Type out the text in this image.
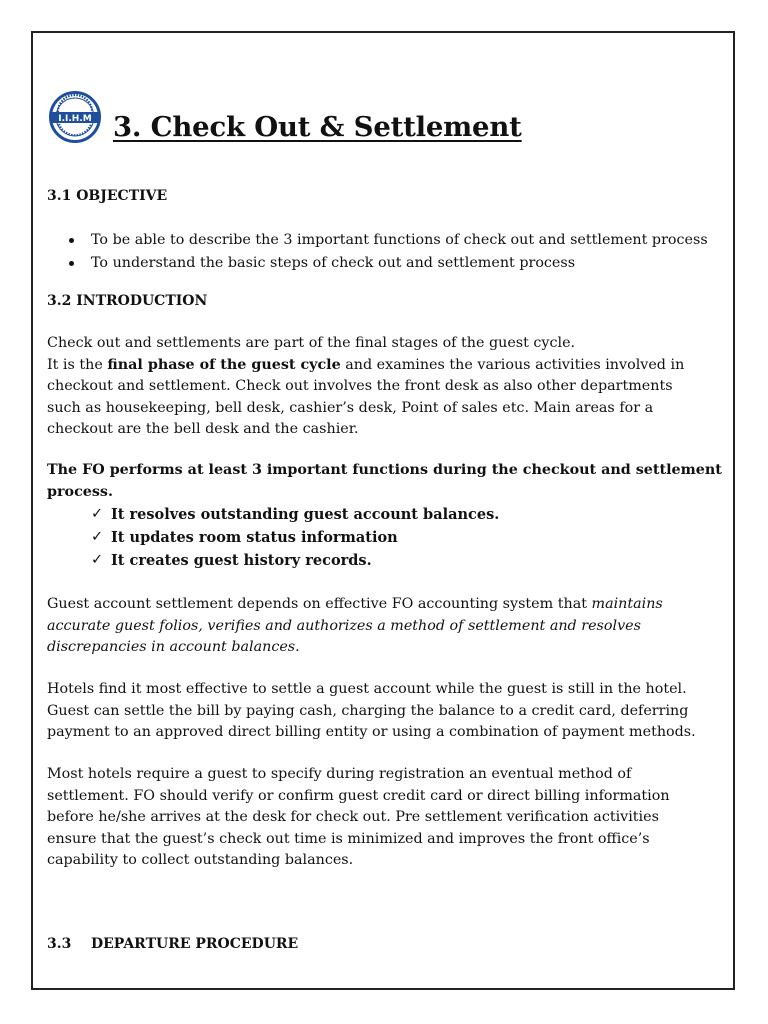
I.I.H.M 3. Check Out & Settlement

3.1 OBJECTIVE

To be able to describe the 3 important functions of check out and settlement process
To understand the basic steps of check out and settlement process

3.2 INTRODUCTION

Check out and settlements are part of the final stages of the guest cycle.
It is the final phase of the guest cycle and examines the various activities involved in
checkout and settlement. Check out involves the front desk as also other departments
such as housekeeping, bell desk, cashier’s desk, Point of sales etc. Main areas for a
checkout are the bell desk and the cashier.
The FO performs at least 3 important functions during the checkout and settlement
process.
✓ It resolves outstanding guest account balances.
✓ It updates room status information
✓ It creates guest history records.
Guest account settlement depends on effective FO accounting system that maintains
accurate guest folios, verifies and authorizes a method of settlement and resolves discrepancies in account balances.
Hotels find it most effective to settle a guest account while the guest is still in the hotel.
Guest can settle the bill by paying cash, charging the balance to a credit card, deferring
payment to an approved direct billing entity or using a combination of payment methods.
Most hotels require a guest to specify during registration an eventual method of
settlement. FO should verify or confirm guest credit card or direct billing information
before he/she arrives at the desk for check out. Pre settlement verification activities
ensure that the guest’s check out time is minimized and improves the front office’s
capability to collect outstanding balances.

3.3 DEPARTURE PROCEDURE
